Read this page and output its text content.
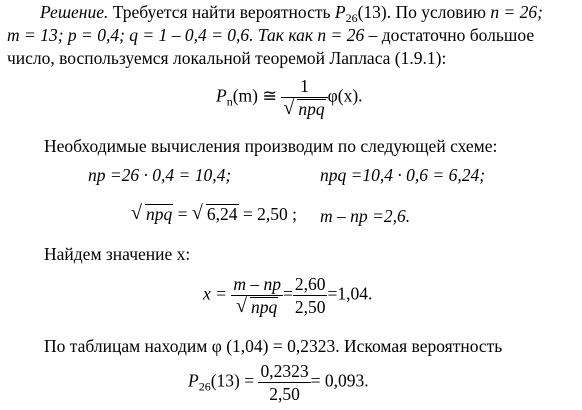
Решение. Требуется найти вероятность $P_{26}(13)$. По условию n = 26;
m = 13; p = 0,4; q = 1 – 0,4 = 0,6. Так как n = 26 – достаточно большое
число, воспользуемся локальной теоремой Лапласа (1.9.1):
$P_n(m)$ ≅ $\frac{1}{\text{√ npq}} \varphi(x)$.
Необходимые вычисления производим по следующей схеме:
np =26 · 0,4 = 10,4;	npq =10,4 · 0,6 = 6,24;
√ npq = √ 6,24 = 2,50 ; m – np =2,6.
Найдем значение x:
$x = \frac{m - np}{\text{√ npq}} = \frac{2,60}{2,50} =1,04$.
По таблицам находим φ (1,04) = 0,2323. Искомая вероятность
$P_{26}(13) = \frac{0,2323}{2,50} = 0,093$.
